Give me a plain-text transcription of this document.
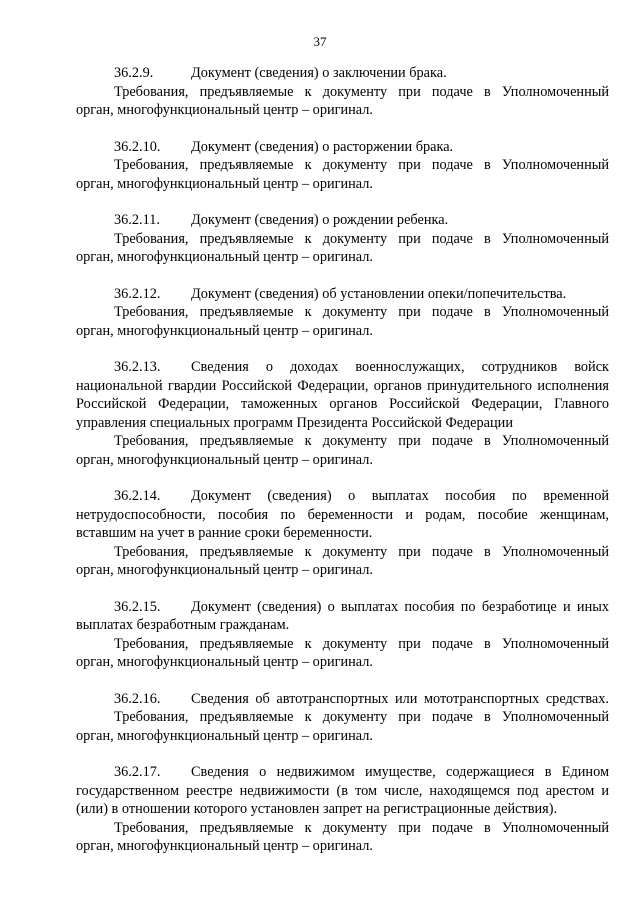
37
36.2.9.	Документ (сведения) о заключении брака.
Требования, предъявляемые к документу при подаче в Уполномоченный орган, многофункциональный центр – оригинал.
36.2.10. Документ (сведения) о расторжении брака.
Требования, предъявляемые к документу при подаче в Уполномоченный орган, многофункциональный центр – оригинал.
36.2.11. Документ (сведения) о рождении ребенка.
Требования, предъявляемые к документу при подаче в Уполномоченный орган, многофункциональный центр – оригинал.
36.2.12. Документ (сведения) об установлении опеки/попечительства.
Требования, предъявляемые к документу при подаче в Уполномоченный орган, многофункциональный центр – оригинал.
36.2.13. Сведения о доходах военнослужащих, сотрудников войск национальной гвардии Российской Федерации, органов принудительного исполнения Российской Федерации, таможенных органов Российской Федерации, Главного управления специальных программ Президента Российской Федерации
Требования, предъявляемые к документу при подаче в Уполномоченный орган, многофункциональный центр – оригинал.
36.2.14. Документ (сведения) о выплатах пособия по временной нетрудоспособности, пособия по беременности и родам, пособие женщинам, вставшим на учет в ранние сроки беременности.
Требования, предъявляемые к документу при подаче в Уполномоченный орган, многофункциональный центр – оригинал.
36.2.15. Документ (сведения) о выплатах пособия по безработице и иных выплатах безработным гражданам.
Требования, предъявляемые к документу при подаче в Уполномоченный орган, многофункциональный центр – оригинал.
36.2.16. Сведения об автотранспортных или мототранспортных средствах.
Требования, предъявляемые к документу при подаче в Уполномоченный орган, многофункциональный центр – оригинал.
36.2.17. Сведения о недвижимом имуществе, содержащиеся в Едином государственном реестре недвижимости (в том числе, находящемся под арестом и (или) в отношении которого установлен запрет на регистрационные действия).
Требования, предъявляемые к документу при подаче в Уполномоченный орган, многофункциональный центр – оригинал.
